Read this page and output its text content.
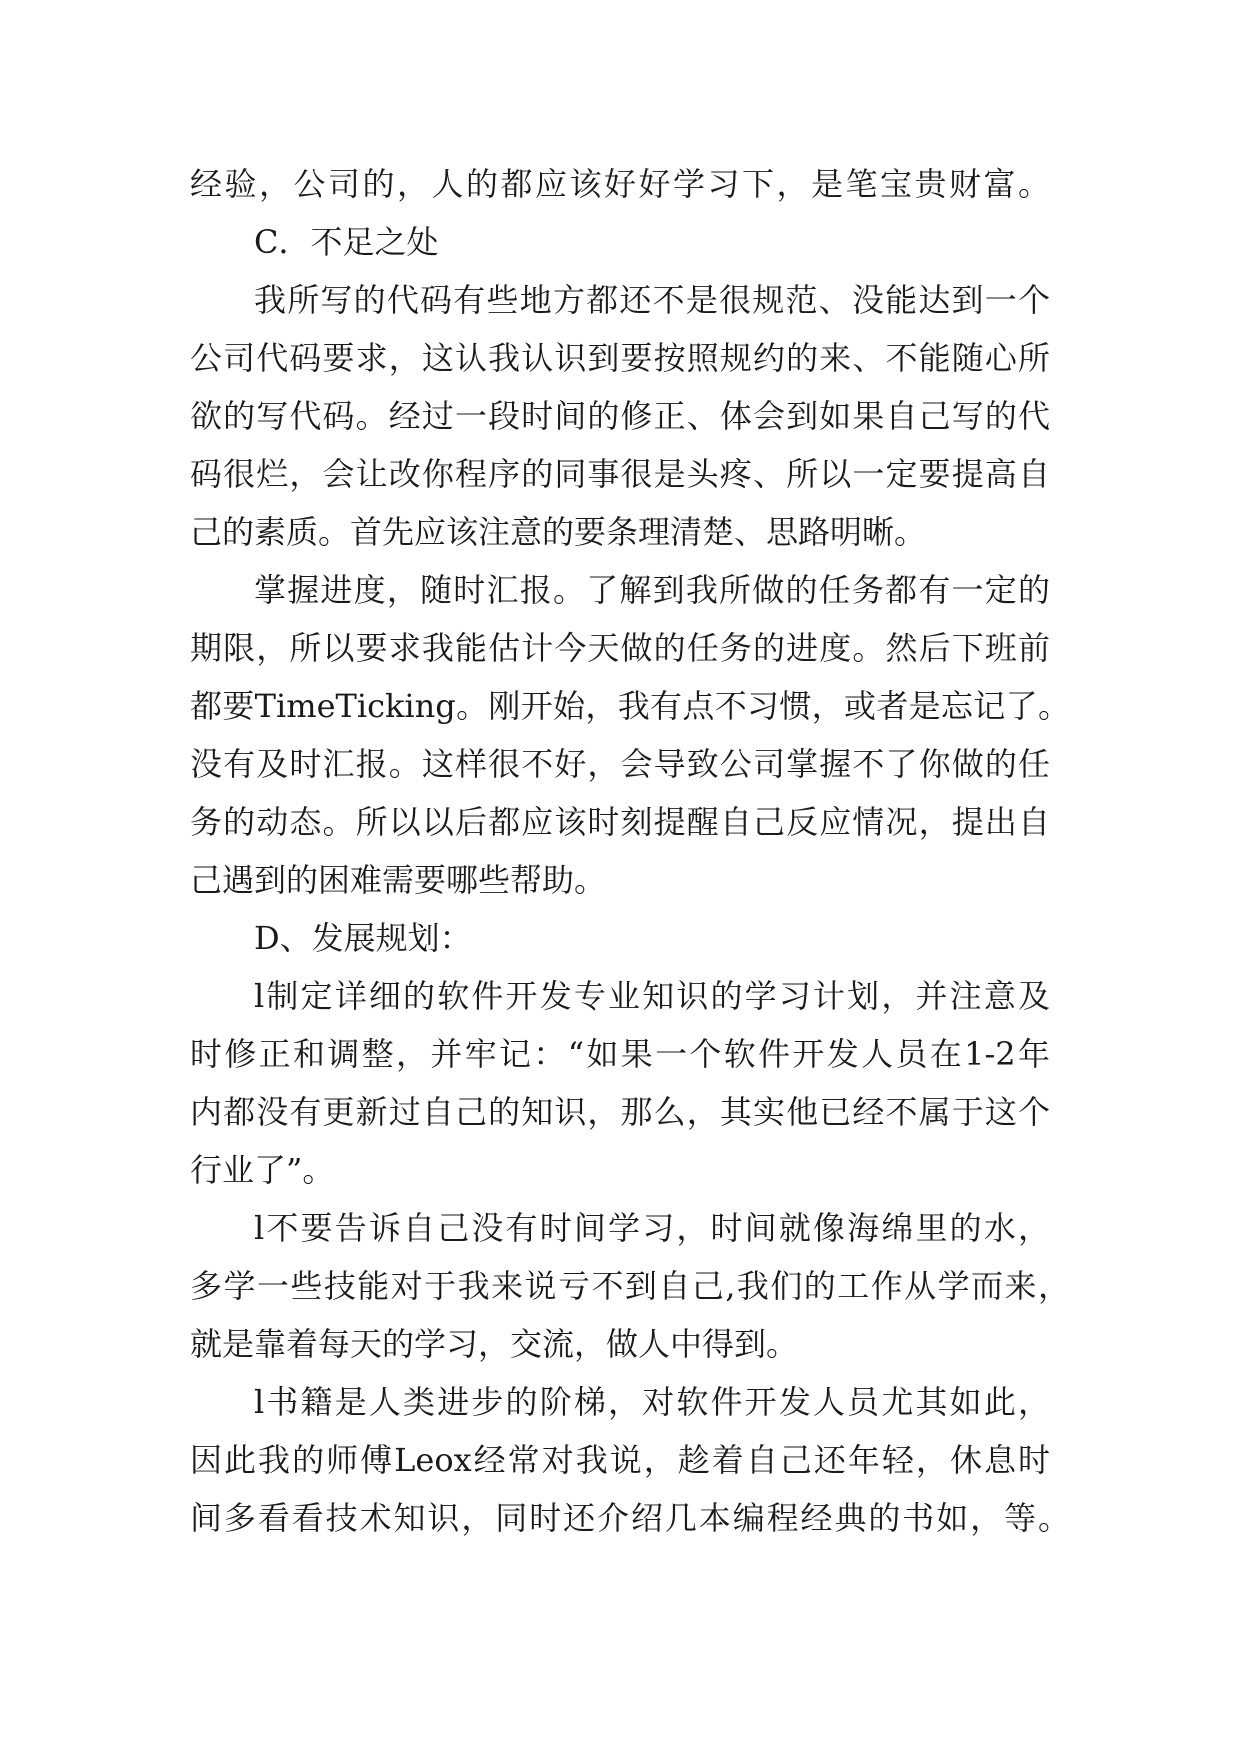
经验，公司的，人的都应该好好学习下，是笔宝贵财富。
C．不足之处
我所写的代码有些地方都还不是很规范、没能达到一个
公司代码要求，这认我认识到要按照规约的来、不能随心所
欲的写代码。经过一段时间的修正、体会到如果自己写的代
码很烂，会让改你程序的同事很是头疼、所以一定要提高自
己的素质。首先应该注意的要条理清楚、思路明晰。
掌握进度，随时汇报。了解到我所做的任务都有一定的
期限，所以要求我能估计今天做的任务的进度。然后下班前
都要TimeTicking。刚开始，我有点不习惯，或者是忘记了。
没有及时汇报。这样很不好，会导致公司掌握不了你做的任
务的动态。所以以后都应该时刻提醒自己反应情况，提出自
己遇到的困难需要哪些帮助。
D、发展规划：
l制定详细的软件开发专业知识的学习计划，并注意及
时修正和调整，并牢记：“如果一个软件开发人员在1-2年
内都没有更新过自己的知识，那么，其实他已经不属于这个
行业了”。
l不要告诉自己没有时间学习，时间就像海绵里的水，
多学一些技能对于我来说亏不到自己,我们的工作从学而来，
就是靠着每天的学习，交流，做人中得到。
l书籍是人类进步的阶梯，对软件开发人员尤其如此，
因此我的师傅Leox经常对我说，趁着自己还年轻，休息时
间多看看技术知识，同时还介绍几本编程经典的书如，等。
